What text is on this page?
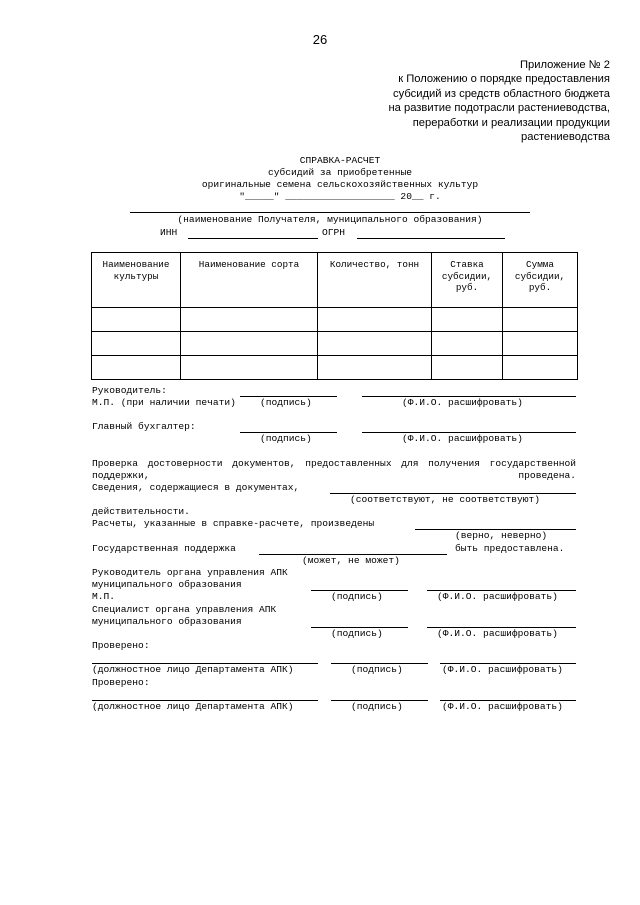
26
Приложение № 2
к Положению о порядке предоставления
субсидий из средств областного бюджета
на развитие подотрасли растениеводства,
переработки и реализации продукции
растениеводства
СПРАВКА-РАСЧЕТ
субсидий за приобретенные
оригинальные семена сельскохозяйственных культур
"_____" ___________________ 20__ г.
(наименование Получателя, муниципального образования)
ИНН	ОГРН
Наименование культуры	Наименование сорта	Количество, тонн	Ставка субсидии, руб.	Сумма субсидии, руб.

Руководитель:
М.П. (при наличии печати)	(подпись)	(Ф.И.О. расшифровать)
Главный бухгалтер:
(подпись)	(Ф.И.О. расшифровать)
Проверка достоверности документов, предоставленных для получения государственной поддержки, проведена.
Сведения, содержащиеся в документах,
(соответствуют, не соответствуют)
действительности.
Расчеты, указанные в справке-расчете, произведены
(верно, неверно)
Государственная поддержка	быть предоставлена.
(может, не может)
Руководитель органа управления АПК
муниципального образования
М.П.	(подпись)	(Ф.И.О. расшифровать)
Специалист органа управления АПК
муниципального образования
(подпись)	(Ф.И.О. расшифровать)
Проверено:
(должностное лицо Департамента АПК)	(подпись)	(Ф.И.О. расшифровать)
Проверено:
(должностное лицо Департамента АПК)	(подпись)	(Ф.И.О. расшифровать)
